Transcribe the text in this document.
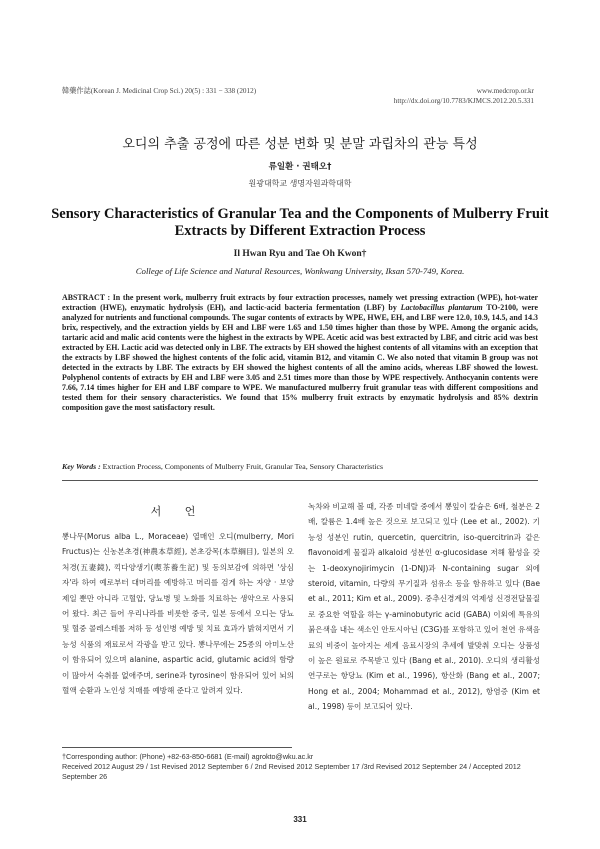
韓藥作誌(Korean J. Medicinal Crop Sci.) 20(5) : 331 − 338 (2012)	www.medcrop.or.kr
http://dx.doi.org/10.7783/KJMCS.2012.20.5.331
오디의 추출 공정에 따른 성분 변화 및 분말 과립차의 관능 특성
류일환 · 권태오†
원광대학교 생명자원과학대학
Sensory Characteristics of Granular Tea and the Components of Mulberry Fruit Extracts by Different Extraction Process
Il Hwan Ryu and Tae Oh Kwon†
College of Life Science and Natural Resources, Wonkwang University, Iksan 570-749, Korea.
ABSTRACT : In the present work, mulberry fruit extracts by four extraction processes, namely wet pressing extraction (WPE), hot-water extraction (HWE), enzymatic hydrolysis (EH), and lactic-acid bacteria fermentation (LBF) by Lactobacillus plantarum TO-2100, were analyzed for nutrients and functional compounds. The sugar contents of extracts by WPE, HWE, EH, and LBF were 12.0, 10.9, 14.5, and 14.3 brix, respectively, and the extraction yields by EH and LBF were 1.65 and 1.50 times higher than those by WPE. Among the organic acids, tartaric acid and malic acid contents were the highest in the extracts by WPE. Acetic acid was best extracted by LBF, and citric acid was best extracted by EH. Lactic acid was detected only in LBF. The extracts by EH showed the highest contents of all vitamins with an exception that the extracts by LBF showed the highest contents of the folic acid, vitamin B12, and vitamin C. We also noted that vitamin B group was not detected in the extracts by LBF. The extracts by EH showed the highest contents of all the amino acids, whereas LBF showed the lowest. Polyphenol contents of extracts by EH and LBF were 3.05 and 2.51 times more than those by WPE respectively. Anthocyanin contents were 7.66, 7.14 times higher for EH and LBF compare to WPE. We manufactured mulberry fruit granular teas with different compositions and tested them for their sensory characteristics. We found that 15% mulberry fruit extracts by enzymatic hydrolysis and 85% dextrin composition gave the most satisfactory result.
Key Words : Extraction Process, Components of Mulberry Fruit, Granular Tea, Sensory Characteristics
서 언
뽕나무(Morus alba L., Moraceae) 열매인 오디(mulberry, Mori Fructus)는 신농본초경(神農本草經), 본초강목(本草綱目), 일본의 오처경(五妻鏡), 끽다양생기(喫茶養生記) 및 동의보감에 의하면 '상심자'라 하여 예로부터 대머리를 예방하고 머리를 검게 하는 자양 · 보양제일 뿐만 아니라 고혈압, 당뇨병 및 노화를 치료하는 생약으로 사용되어 왔다. 최근 들어 우리나라를 비롯한 중국, 일본 등에서 오디는 당뇨 및 혈중 콜레스테롤 저하 등 성인병 예방 및 치료 효과가 밝혀지면서 기능성 식품의 재료로서 각광을 받고 있다. 뽕나무에는 25종의 아미노산이 함유되어 있으며 alanine, aspartic acid, glutamic acid의 함량이 많아서 숙취를 없애주며, serine과 tyrosine이 함유되어 있어 뇌의 혈액 순환과 노인성 치매를 예방해 준다고 알려져 있다.
녹차와 비교해 볼 때, 각종 미네랄 중에서 뽕잎이 칼슘은 6배, 철분은 2배, 칼륨은 1.4배 높은 것으로 보고되고 있다 (Lee et al., 2002). 기능성 성분인 rutin, quercetin, quercitrin, iso-quercitrin과 같은 flavonoid계 물질과 alkaloid 성분인 α-glucosidase 저해 활성을 갖는 1-deoxynojirimycin (1-DNJ)과 N-containing sugar 외에 steroid, vitamin, 다량의 무기질과 섬유소 등을 함유하고 있다 (Bae et al., 2011; Kim et al., 2009). 중추신경계의 억제성 신경전달물질로 중요한 역할을 하는 γ-aminobutyric acid (GABA) 이외에 특유의 붉은색을 내는 색소인 안토시아닌 (C3G)를 포함하고 있어 천연 유색음료의 비중이 높아지는 세계 음료시장의 추세에 발맞춰 오디는 상품성이 높은 원료로 주목받고 있다 (Bang et al., 2010). 오디의 생리활성 연구로는 항당뇨 (Kim et al., 1996), 항산화 (Bang et al., 2007; Hong et al., 2004; Mohammad et al., 2012), 항염증 (Kim et al., 1998) 등이 보고되어 있다.
†Corresponding author: (Phone) +82-63-850-6681 (E-mail) agrokto@wku.ac.kr
Received 2012 August 29 / 1st Revised 2012 September 6 / 2nd Revised 2012 September 17 /3rd Revised 2012 September 24 / Accepted 2012 September 26
331
